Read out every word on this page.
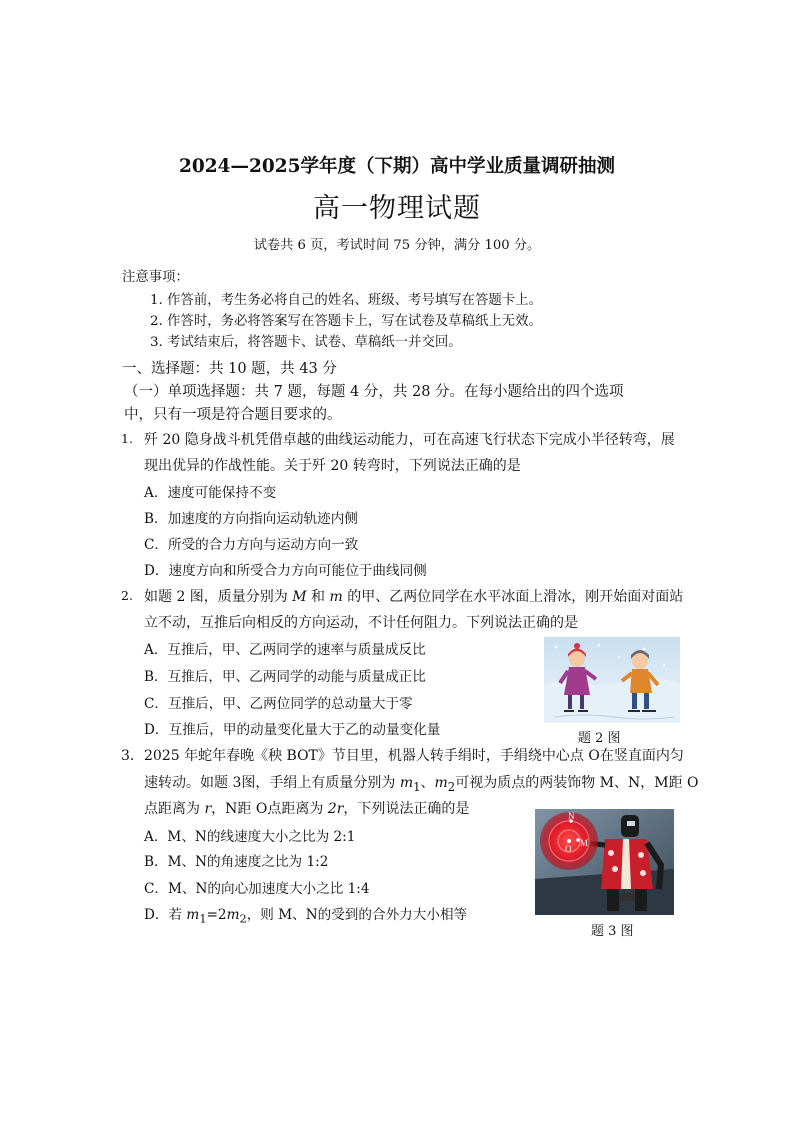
2024—2025学年度（下期）高中学业质量调研抽测
高一物理试题
试卷共 6 页，考试时间 75 分钟，满分 100 分。
注意事项：
1. 作答前，考生务必将自己的姓名、班级、考号填写在答题卡上。
2. 作答时，务必将答案写在答题卡上，写在试卷及草稿纸上无效。
3. 考试结束后，将答题卡、试卷、草稿纸一并交回。
一、选择题：共 10 题，共 43 分
（一）单项选择题：共 7 题，每题 4 分，共 28 分。在每小题给出的四个选项
中，只有一项是符合题目要求的。
1. 歼 20 隐身战斗机凭借卓越的曲线运动能力，可在高速飞行状态下完成小半径转弯，展
现出优异的作战性能。关于歼 20 转弯时，下列说法正确的是
A．速度可能保持不变
B．加速度的方向指向运动轨迹内侧
C．所受的合力方向与运动方向一致
D．速度方向和所受合力方向可能位于曲线同侧
2. 如题 2 图，质量分别为 M 和 m 的甲、乙两位同学在水平冰面上滑冰，刚开始面对面站
立不动，互推后向相反的方向运动，不计任何阻力。下列说法正确的是
A．互推后，甲、乙两同学的速率与质量成反比
B．互推后，甲、乙两同学的动能与质量成正比
C．互推后，甲、乙两位同学的总动量大于零
D．互推后，甲的动量变化量大于乙的动量变化量
题 2 图
3． 2025 年蛇年春晚《秧 BOT》节目里，机器人转手绢时，手绢绕中心点 O在竖直面内匀
速转动。如题 3图，手绢上有质量分别为 $m_1$、$m_2$可视为质点的两装饰物 M、N，M距 O
点距离为 r，N距 O点距离为 2r，下列说法正确的是
A．M、N的线速度大小之比为 2:1
B．M、N的角速度之比为 1:2
C．M、N的向心加速度大小之比 1:4
D．若 $m_1=2m_2$，则 M、N的受到的合外力大小相等
O
M
N
题 3 图
